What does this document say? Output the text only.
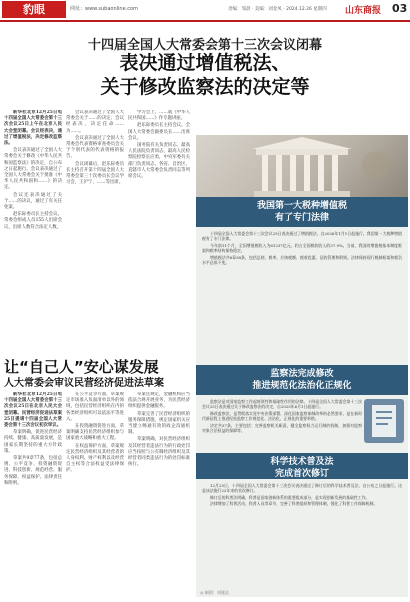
豹眼	网址：www.subaonline.com	责编：邹晨 · 美编：刘金凤 · 2024.12.26 星期四 山东商报 03
十四届全国人大常委会第十三次会议闭幕
表决通过增值税法、
关于修改监察法的决定等

新华社北京12月25日电 十四届全国人大常委会第十三次会议25日上午在北京人民大会堂闭幕。会议经表决，通过了增值税法，决定修改监察法。

会议表决通过了全国人大常委会关于修改《中华人民共和国监察法》的决定，自公布之日起施行。会议表决通过了全国人大常委会关于批准《中华人民共和国和……》的决定。

会议还表决通过了关于……的决议，通过了有关任免案。

赵乐际委员长主持会议。常委会组成人员155人出席会议，出席人数符合法定人数。

会议表决通过了全国人大常委会关于……的决定；会议经表决，决定任命……为……。

会议表决通过了全国人大常委会代表资格审查委员会关于个别代表的代表资格的报告。

会议闭幕后，赵乐际委员长主持召开第十四届全国人大常委会第三十次委员长会议学习会，王沪宁、……等出席。

学习会上，……就《中华人民共和国……》作专题讲座。

赵乐际委员长主持会议。全国人大常委会副委员长……出席会议。

国务院有关负责同志，最高人民法院负责同志，最高人民检察院检察长应勇，中央军委有关部门负责同志，各省、自治区、直辖市人大常委会负责同志等列席会议。

让“自己人”安心谋发展
人大常委会审议民营经济促进法草案

新华社北京12月25日电 十四届全国人大常委会第十三次会议25日在北京人民大会堂闭幕。民营经济促进法草案25日提请十四届全国人大常委会第十三次会议初次审议。

草案明确，促进民营经济持续、健康、高质量发展，是国家长期坚持的重大方针政策。

草案共9章77条，包括总则、公平竞争、投资融资促进、科技创新、规范经营、服务保障、权益保护、法律责任和附则。

在公平竞争方面，草案规定市场准入负面清单以外的领域，包括民营经济组织在内的各类经济组织可以依法平等进入。

在投资融资促进方面，草案明确支持民营经济组织参与国家重大战略和重大工程。

在权益保护方面，草案规定民营经济组织及其经营者的人身权利、财产权利以及经营自主权等合法权益受法律保护。

草案还规定，金融机构应当依法合规开展业务，为民营经济组织提供金融服务。

草案完善了民营经济组织的服务保障措施，规定国家机关应当建立畅通有效的政企沟通机制。

草案明确，对民营经济组织及其经营者违法行为的行政处罚应当按照与公有制经济组织及其经营者同类违法行为的处罚标准执行。

我国第一大税种增值税
有了专门法律

十四届全国人大常委会第十三次会议25日表决通过了增值税法，自2026年1月1日起施行。我国第一大税种增值税有了专门法律。

今年前11个月，全国增值税收入为61237亿元，约占全国税收收入的37.9%。当前，我国的增值税基本制度框架和税率结构保持稳定。

增值税法共6章38条，包括总则、税率、应纳税额、税收优惠、征收管理和附则。法律保持现行税制框架和税负水平总体不变。

监察法完成修改
推进规范化法治化正规化

监察法是对国家监察工作起统领性和基础性作用的法律。十四届全国人大常委会第十三次会议25日表决通过关于修改监察法的决定，自2025年6月1日起施行。

修改监察法，是贯彻落实党中央决策部署、深化国家监察体制改革的必然要求，是在新时代新征程上推进纪检监察工作规范化、法治化、正规化的重要举措。

决定共37条，主要包括：完善监察机关职责，健全监察权力运行制约机制，加强对监察对象合法权益的保障等。

科学技术普及法
完成首次修订

12月25日，十四届全国人大常委会第十三次会议表决通过了修订后的科学技术普及法，自公布之日起施行。这是该法施行22年来的首次修订。

修订后的科普法明确，科普是国家创新体系的重要组成部分，是实现创新发展的基础性工作。

法律增加了科普活动、科普人员等章节，完善了科普组织和管理体制，强化了科普工作保障机制。

◎ 制图：刘建达
